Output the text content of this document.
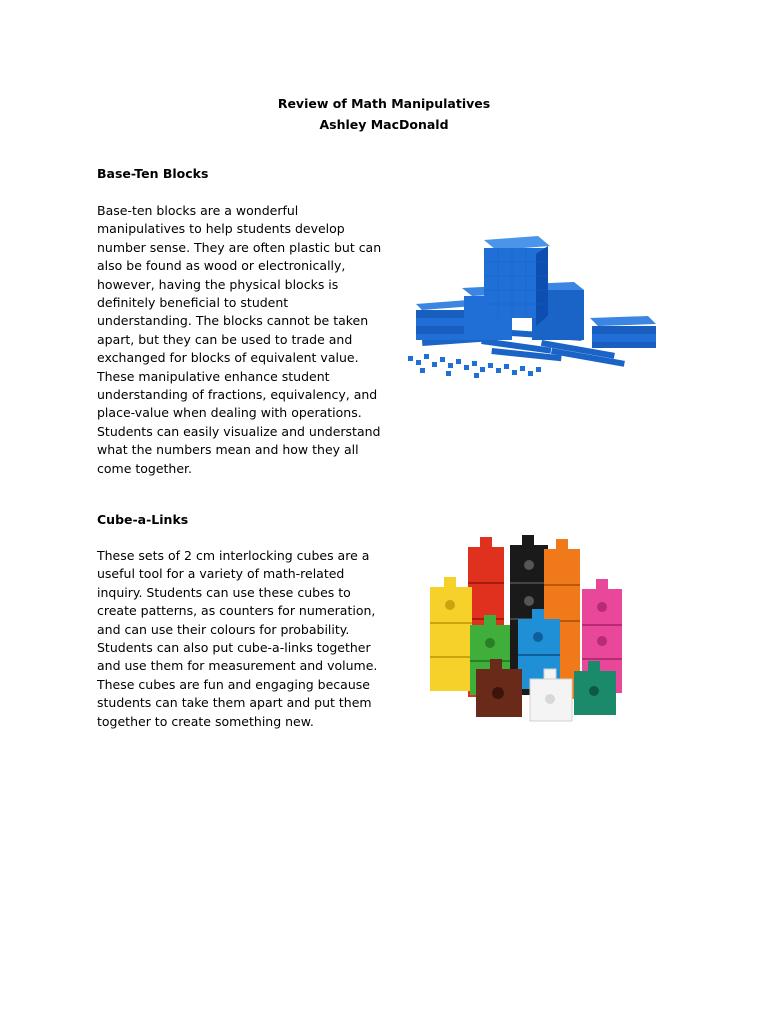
Review of Math Manipulatives
Ashley MacDonald
Base-Ten Blocks
Base-ten blocks are a wonderful
manipulatives to help students develop
number sense. They are often plastic but can
also be found as wood or electronically,
however, having the physical blocks is
definitely beneficial to student
understanding. The blocks cannot be taken
apart, but they can be used to trade and
exchanged for blocks of equivalent value.
These manipulative enhance student
understanding of fractions, equivalency, and
place-value when dealing with operations.
Students can easily visualize and understand
what the numbers mean and how they all
come together.
Cube-a-Links
These sets of 2 cm interlocking cubes are a
useful tool for a variety of math-related
inquiry. Students can use these cubes to
create patterns, as counters for numeration,
and can use their colours for probability.
Students can also put cube-a-links together
and use them for measurement and volume.
These cubes are fun and engaging because
students can take them apart and put them
together to create something new.
